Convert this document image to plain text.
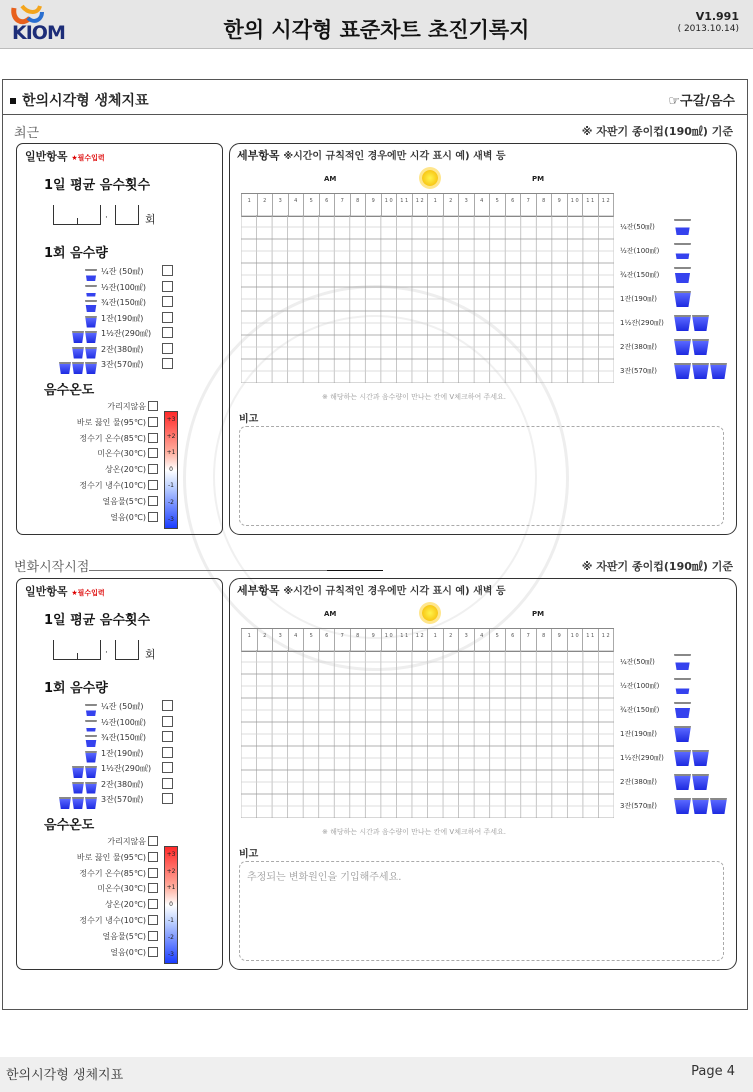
KIOM	한의 시각형 표준차트 초진기록지
V1.991
( 2013.10.14)
한의시각형 생체지표	☞구갈/음수
최근	※ 자판기 종이컵(190㎖) 기준
변화시작시점	※ 자판기 종이컵(190㎖) 기준
일반항목 ★필수입력
1일 평균 음수횟수
·	회
1회 음수량
¼잔 (50㎖)
½잔(100㎖)
¾잔(150㎖)
1잔(190㎖)
1½잔(290㎖)
2잔(380㎖)
3잔(570㎖)
음수온도
가리지않음
바로 끓인 물(95℃)
정수기 온수(85℃)
미온수(30℃)
상온(20℃)
정수기 냉수(10℃)
얼음물(5℃)
얼음(0℃)
+3
+2
+1
0
-1
-2
-3
세부항목 ※시간이 규칙적인 경우에만 시각 표시 예) 새벽 등
AM	PM
1	2	3	4	5	6	7	8	9	1 0	1 1	1 2	1	2	3	4	5	6	7	8	9	1 0	1 1	1 2
¼잔(50㎖)
½잔(100㎖)
¾잔(150㎖)
1잔(190㎖)
1½잔(290㎖)
2잔(380㎖)
3잔(570㎖)
※ 해당하는 시간과 음수량이 만나는 칸에 V체크하여 주세요.
비고
일반항목 ★필수입력
1일 평균 음수횟수
·	회
1회 음수량
¼잔 (50㎖)
½잔(100㎖)
¾잔(150㎖)
1잔(190㎖)
1½잔(290㎖)
2잔(380㎖)
3잔(570㎖)
음수온도
가리지않음
바로 끓인 물(95℃)
정수기 온수(85℃)
미온수(30℃)
상온(20℃)
정수기 냉수(10℃)
얼음물(5℃)
얼음(0℃)
+3
+2
+1
0
-1
-2
-3
세부항목 ※시간이 규칙적인 경우에만 시각 표시 예) 새벽 등
AM	PM
1	2	3	4	5	6	7	8	9	1 0	1 1	1 2	1	2	3	4	5	6	7	8	9	1 0	1 1	1 2
¼잔(50㎖)
½잔(100㎖)
¾잔(150㎖)
1잔(190㎖)
1½잔(290㎖)
2잔(380㎖)
3잔(570㎖)
※ 해당하는 시간과 음수량이 만나는 칸에 V체크하여 주세요.
비고
추정되는 변화원인을 기입해주세요.
한의시각형 생체지표	Page 4
